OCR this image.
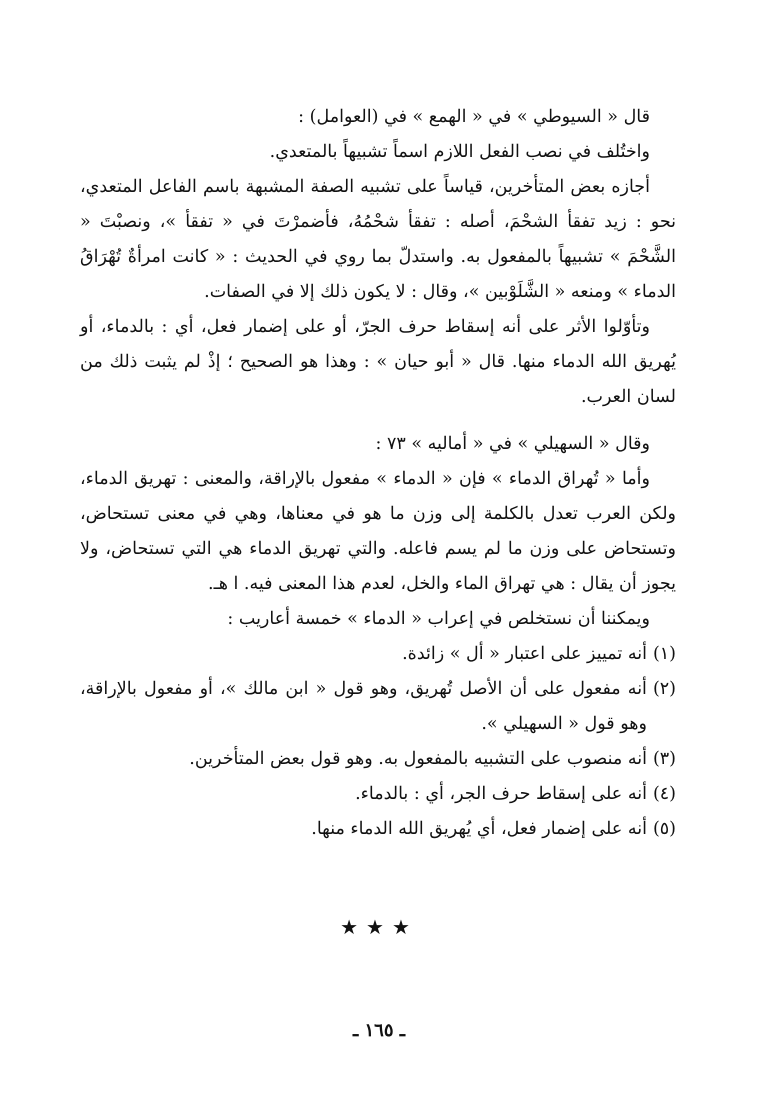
قال « السيوطي » في « الهمع » في (العوامل) :

واختُلف في نصب الفعل اللازم اسماً تشبيهاً بالمتعدي.

أجازه بعض المتأخرين، قياساً على تشبيه الصفة المشبهة باسم الفاعل المتعدي، نحو : زيد تفقأ الشحْمَ، أصله : تفقأ شحْمُهُ، فأضمرْتَ في « تفقأ »، ونصبْتَ « الشَّحْمَ » تشبيهاً بالمفعول به. واستدلّ بما روي في الحديث : « كانت امرأةٌ تُهْرَاقُ الدماء » ومنعه « الشَّلَوْبين »، وقال : لا يكون ذلك إلا في الصفات.

وتأوّلوا الأثر على أنه إسقاط حرف الجرّ، أو على إضمار فعل، أي : بالدماء، أو يُهريق الله الدماء منها. قال « أبو حيان » : وهذا هو الصحيح ؛ إذْ لم يثبت ذلك من لسان العرب.

وقال « السهيلي » في « أماليه » ٧٣ :

وأما « تُهراق الدماء » فإن « الدماء » مفعول بالإراقة، والمعنى : تهريق الدماء، ولكن العرب تعدل بالكلمة إلى وزن ما هو في معناها، وهي في معنى تستحاض، وتستحاض على وزن ما لم يسم فاعله. والتي تهريق الدماء هي التي تستحاض، ولا يجوز أن يقال : هي تهراق الماء والخل، لعدم هذا المعنى فيه. ا هـ.

ويمكننا أن نستخلص في إعراب « الدماء » خمسة أعاريب :

(١)
أنه تمييز على اعتبار « أل » زائدة.
(٢)
أنه مفعول على أن الأصل تُهريق، وهو قول « ابن مالك »، أو مفعول بالإراقة، وهو قول « السهيلي ».
(٣)
أنه منصوب على التشبيه بالمفعول به. وهو قول بعض المتأخرين.
(٤)
أنه على إسقاط حرف الجر، أي : بالدماء.
(٥)
أنه على إضمار فعل، أي يُهريق الله الدماء منها.
★★★
ـ ١٦٥ ـ
